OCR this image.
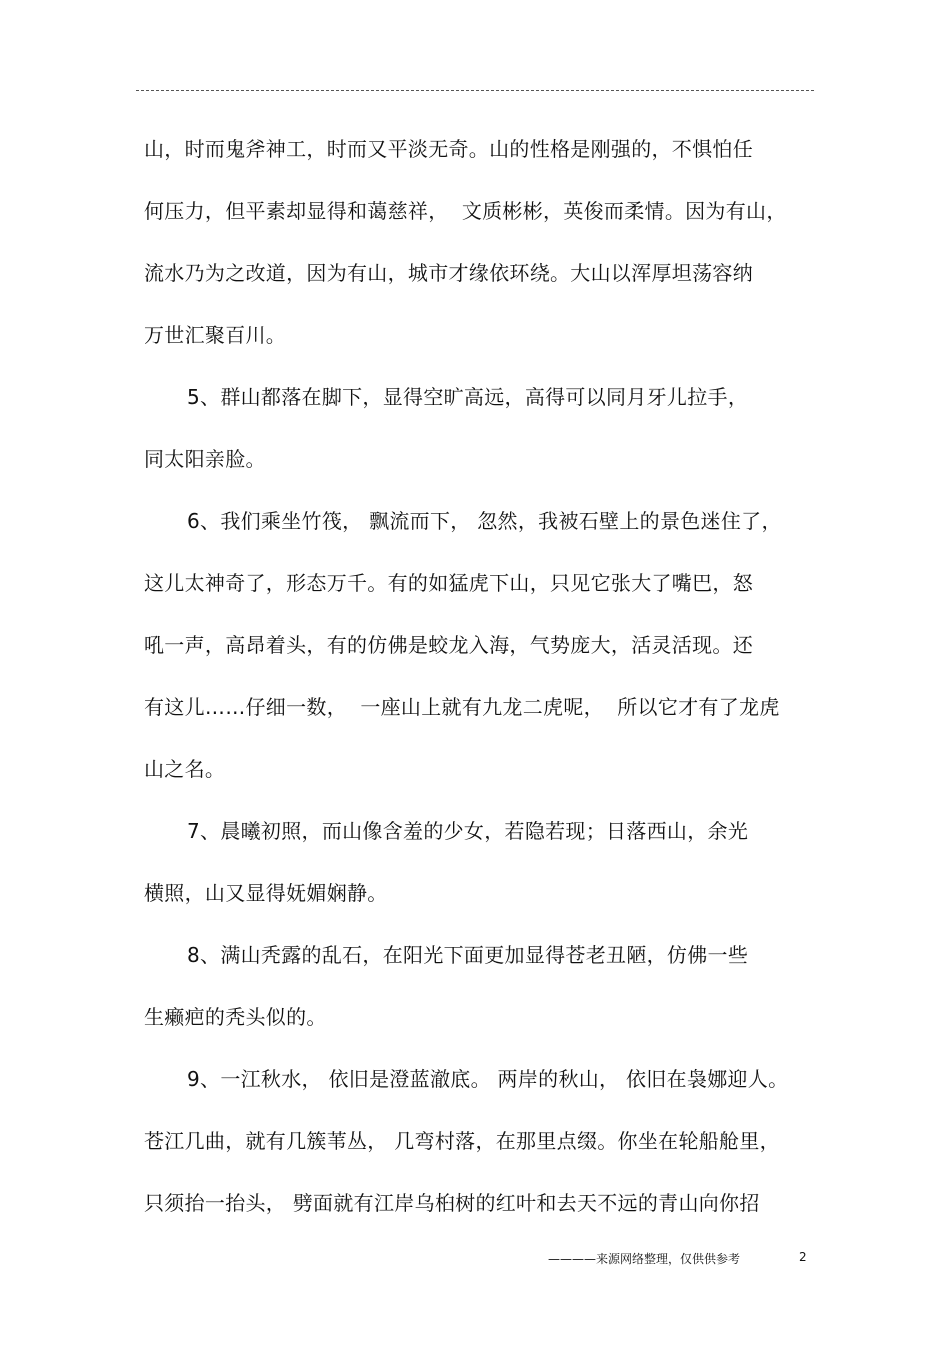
山，时而鬼斧神工，时而又平淡无奇。山的性格是刚强的，不惧怕任
何压力，但平素却显得和蔼慈祥，  文质彬彬，英俊而柔情。因为有山，
流水乃为之改道，因为有山，城市才缘依环绕。大山以浑厚坦荡容纳
万世汇聚百川。
5、群山都落在脚下，显得空旷高远，高得可以同月牙儿拉手，
同太阳亲脸。
6、我们乘坐竹筏， 飘流而下， 忽然，我被石壁上的景色迷住了，
这儿太神奇了，形态万千。有的如猛虎下山，只见它张大了嘴巴，怒
吼一声，高昂着头，有的仿佛是蛟龙入海，气势庞大，活灵活现。还
有这儿……仔细一数，  一座山上就有九龙二虎呢，  所以它才有了龙虎
山之名。
7、晨曦初照，而山像含羞的少女，若隐若现；日落西山，余光
横照，山又显得妩媚娴静。
8、满山秃露的乱石，在阳光下面更加显得苍老丑陋，仿佛一些
生癞疤的秃头似的。
9、一江秋水， 依旧是澄蓝澈底。 两岸的秋山， 依旧在袅娜迎人。
苍江几曲，就有几簇苇丛， 几弯村落，在那里点缀。你坐在轮船舱里，
只须抬一抬头， 劈面就有江岸乌桕树的红叶和去天不远的青山向你招
————来源网络整理，仅供供参考	2
